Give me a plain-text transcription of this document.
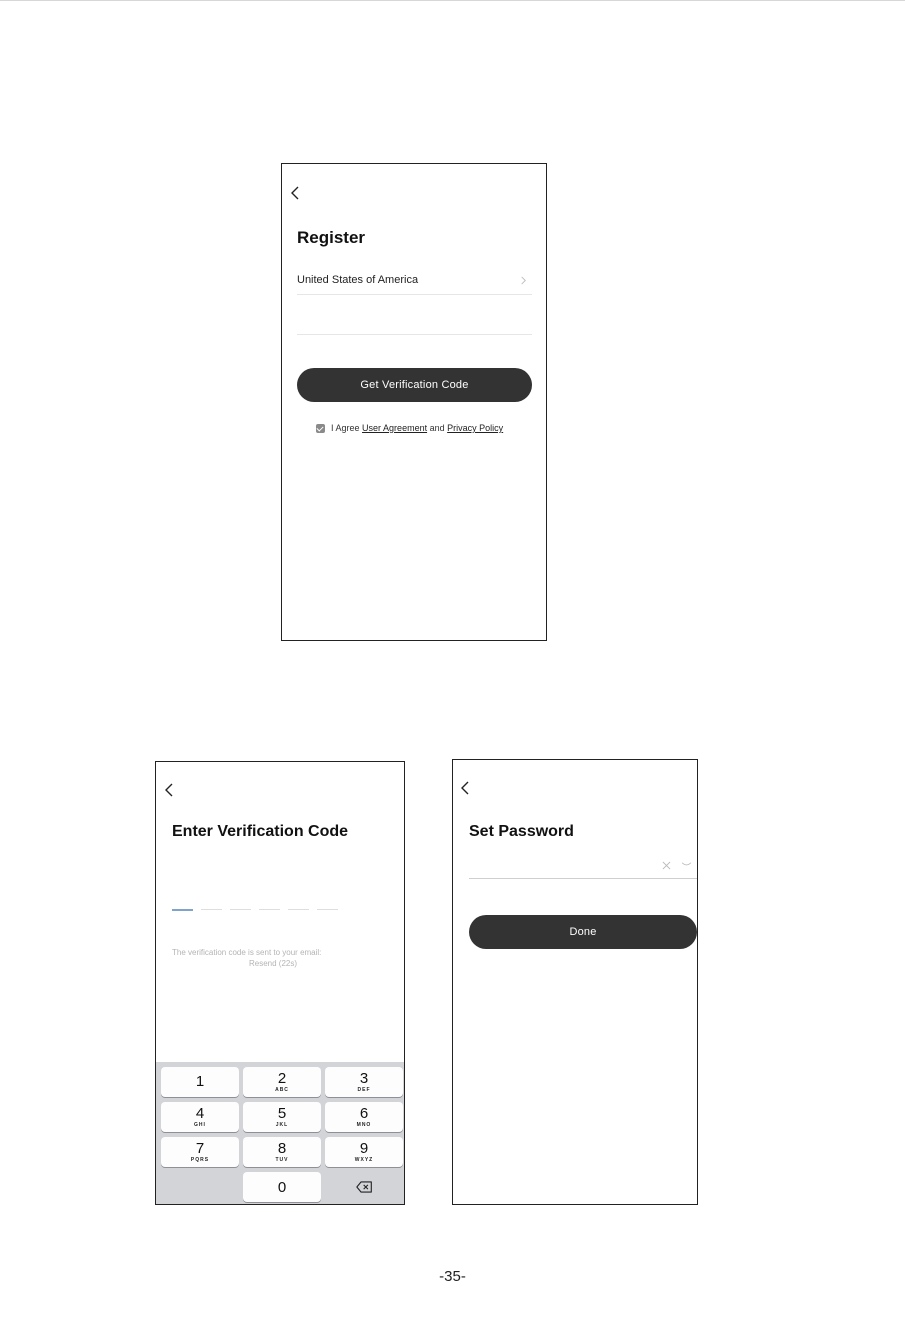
Register
United States of America
Get Verification Code
I Agree
User Agreement
and
Privacy Policy
Enter Verification Code
The verification code is sent to your email:
Resend (22s)
1	2
ABC
3
DEF
4
GHI
5
JKL
6
MNO
7
PQRS
8
TUV
9
WXYZ
0
Set Password
Done
-35-
